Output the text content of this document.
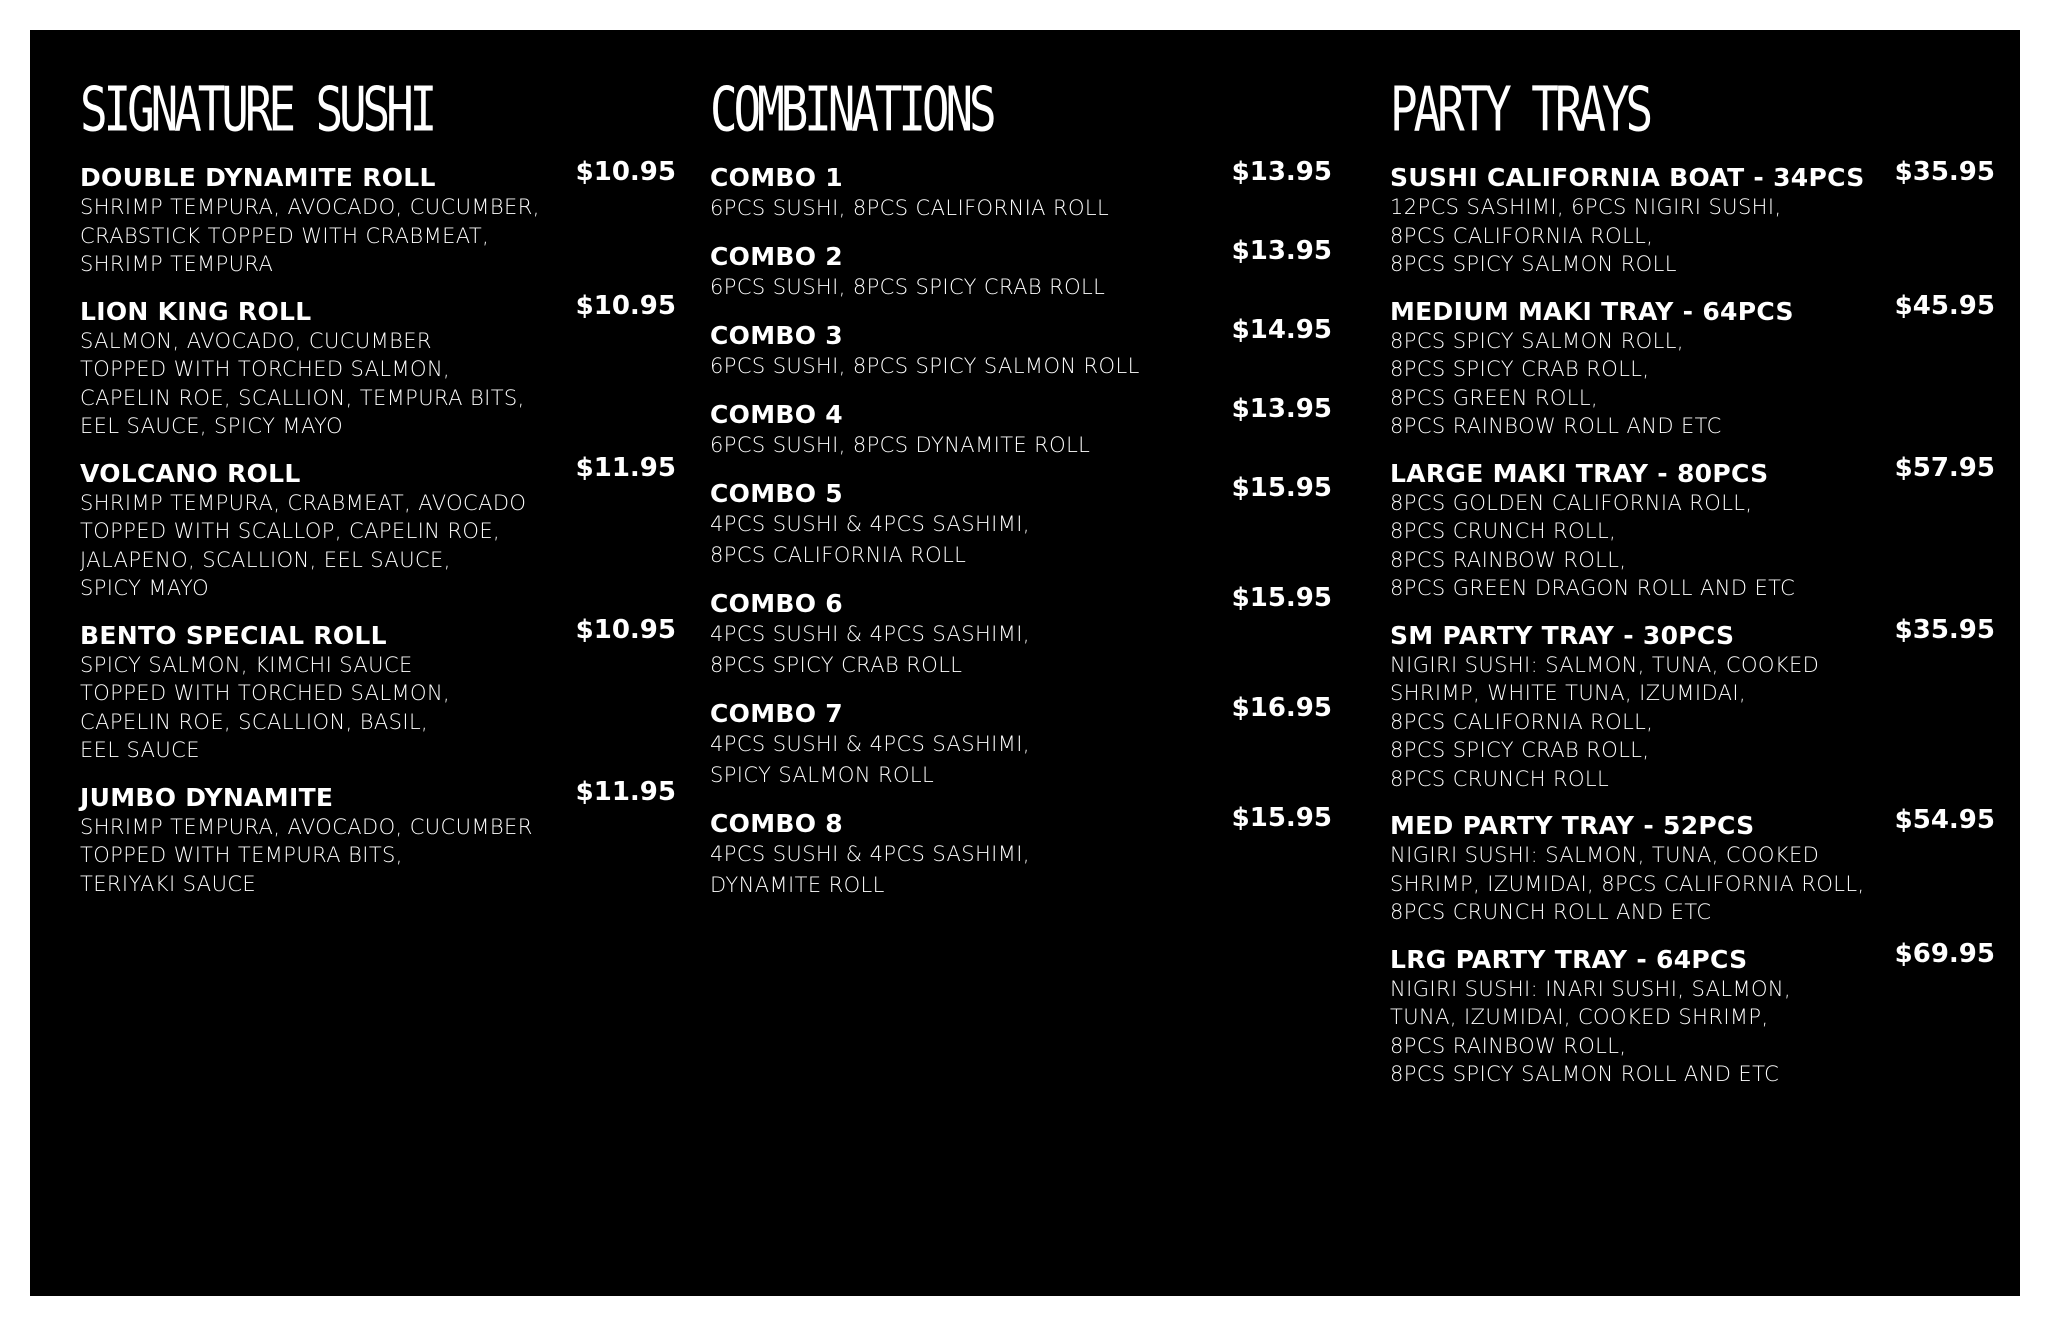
SIGNATURE SUSHI
DOUBLE DYNAMITE ROLL	$10.95
SHRIMP TEMPURA, AVOCADO, CUCUMBER,
CRABSTICK TOPPED WITH CRABMEAT,
SHRIMP TEMPURA
LION KING ROLL	$10.95
SALMON, AVOCADO, CUCUMBER
TOPPED WITH TORCHED SALMON,
CAPELIN ROE, SCALLION, TEMPURA BITS,
EEL SAUCE, SPICY MAYO
VOLCANO ROLL	$11.95
SHRIMP TEMPURA, CRABMEAT, AVOCADO
TOPPED WITH SCALLOP, CAPELIN ROE,
JALAPENO, SCALLION, EEL SAUCE,
SPICY MAYO
BENTO SPECIAL ROLL	$10.95
SPICY SALMON, KIMCHI SAUCE
TOPPED WITH TORCHED SALMON,
CAPELIN ROE, SCALLION, BASIL,
EEL SAUCE
JUMBO DYNAMITE	$11.95
SHRIMP TEMPURA, AVOCADO, CUCUMBER
TOPPED WITH TEMPURA BITS,
TERIYAKI SAUCE
COMBINATIONS
COMBO 1	$13.95
6PCS SUSHI, 8PCS CALIFORNIA ROLL
COMBO 2	$13.95
6PCS SUSHI, 8PCS SPICY CRAB ROLL
COMBO 3	$14.95
6PCS SUSHI, 8PCS SPICY SALMON ROLL
COMBO 4	$13.95
6PCS SUSHI, 8PCS DYNAMITE ROLL
COMBO 5	$15.95
4PCS SUSHI & 4PCS SASHIMI,
8PCS CALIFORNIA ROLL
COMBO 6	$15.95
4PCS SUSHI & 4PCS SASHIMI,
8PCS SPICY CRAB ROLL
COMBO 7	$16.95
4PCS SUSHI & 4PCS SASHIMI,
SPICY SALMON ROLL
COMBO 8	$15.95
4PCS SUSHI & 4PCS SASHIMI,
DYNAMITE ROLL
PARTY TRAYS
SUSHI CALIFORNIA BOAT - 34PCS $35.95
12PCS SASHIMI, 6PCS NIGIRI SUSHI,
8PCS CALIFORNIA ROLL,
8PCS SPICY SALMON ROLL
MEDIUM MAKI TRAY - 64PCS	$45.95
8PCS SPICY SALMON ROLL,
8PCS SPICY CRAB ROLL,
8PCS GREEN ROLL,
8PCS RAINBOW ROLL AND ETC
LARGE MAKI TRAY - 80PCS	$57.95
8PCS GOLDEN CALIFORNIA ROLL,
8PCS CRUNCH ROLL,
8PCS RAINBOW ROLL,
8PCS GREEN DRAGON ROLL AND ETC
SM PARTY TRAY - 30PCS	$35.95
NIGIRI SUSHI: SALMON, TUNA, COOKED
SHRIMP, WHITE TUNA, IZUMIDAI,
8PCS CALIFORNIA ROLL,
8PCS SPICY CRAB ROLL,
8PCS CRUNCH ROLL
MED PARTY TRAY - 52PCS	$54.95
NIGIRI SUSHI: SALMON, TUNA, COOKED
SHRIMP, IZUMIDAI, 8PCS CALIFORNIA ROLL,
8PCS CRUNCH ROLL AND ETC
LRG PARTY TRAY - 64PCS	$69.95
NIGIRI SUSHI: INARI SUSHI, SALMON,
TUNA, IZUMIDAI, COOKED SHRIMP,
8PCS RAINBOW ROLL,
8PCS SPICY SALMON ROLL AND ETC
